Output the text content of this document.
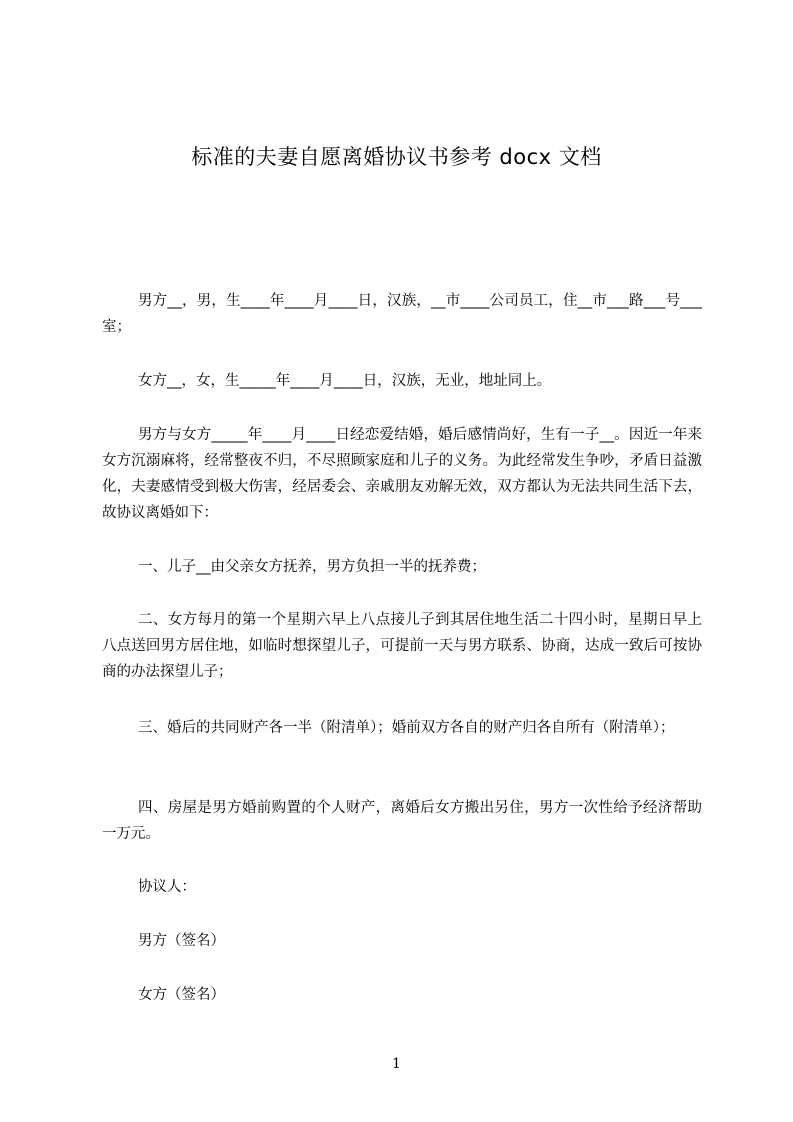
标准的夫妻自愿离婚协议书参考 docx 文档

男方__，男，生____年____月____日，汉族，__市____公司员工，住__市___路___号___室；

女方__，女，生_____年____月____日，汉族，无业，地址同上。

男方与女方_____年____月____日经恋爱结婚，婚后感情尚好，生有一子__。因近一年来女方沉溺麻将，经常整夜不归，不尽照顾家庭和儿子的义务。为此经常发生争吵，矛盾日益激化，夫妻感情受到极大伤害，经居委会、亲戚朋友劝解无效，双方都认为无法共同生活下去，故协议离婚如下：

一、儿子__由父亲女方抚养，男方负担一半的抚养费；

二、女方每月的第一个星期六早上八点接儿子到其居住地生活二十四小时，星期日早上八点送回男方居住地，如临时想探望儿子，可提前一天与男方联系、协商，达成一致后可按协商的办法探望儿子；

三、婚后的共同财产各一半（附清单）；婚前双方各自的财产归各自所有（附清单）；

四、房屋是男方婚前购置的个人财产，离婚后女方搬出另住，男方一次性给予经济帮助一万元。

协议人：

男方（签名）

女方（签名）

1
